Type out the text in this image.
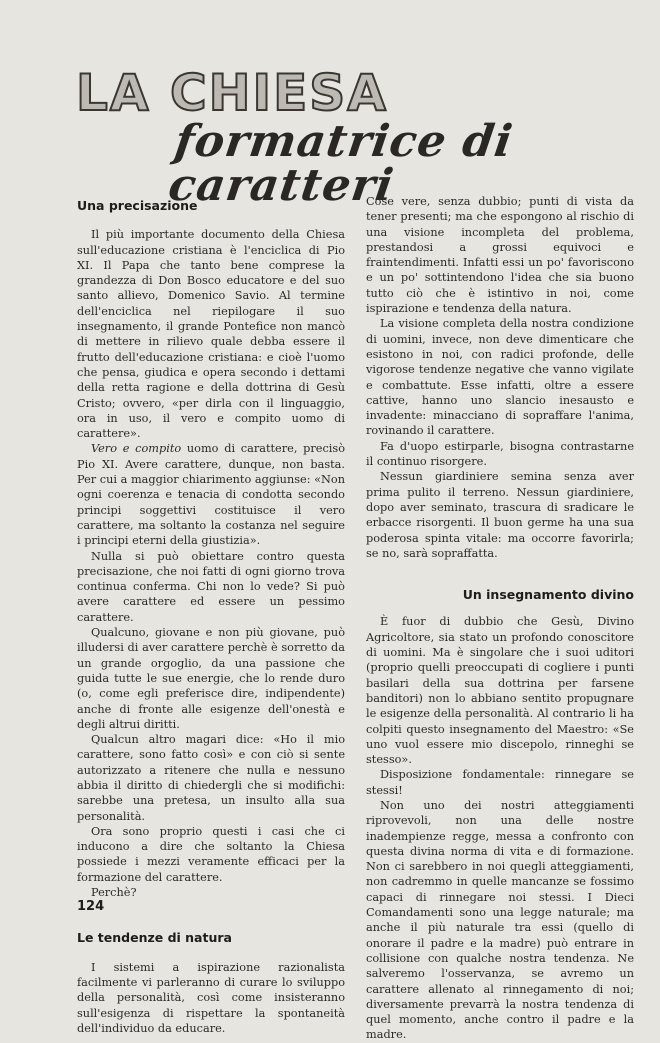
LA CHIESA
formatrice di caratteri
Una precisazione

Il più importante documento della Chiesa sull'educazione cristiana è l'enciclica di Pio XI. Il Papa che tanto bene comprese la grandezza di Don Bosco educatore e del suo santo allievo, Domenico Savio. Al termine dell'enciclica nel riepilogare il suo insegnamento, il grande Pontefice non mancò di mettere in rilievo quale debba essere il frutto dell'educazione cristiana: e cioè l'uomo che pensa, giudica e opera secondo i dettami della retta ragione e della dottrina di Gesù Cristo; ovvero, «per dirla con il linguaggio, ora in uso, il vero e compito uomo di carattere».

Vero e compito uomo di carattere, precisò Pio XI. Avere carattere, dunque, non basta. Per cui a maggior chiarimento aggiunse: «Non ogni coerenza e tenacia di condotta secondo principi soggettivi costituisce il vero carattere, ma soltanto la costanza nel seguire i principi eterni della giustizia».

Nulla si può obiettare contro questa precisazione, che noi fatti di ogni giorno trova continua conferma. Chi non lo vede? Si può avere carattere ed essere un pessimo carattere.

Qualcuno, giovane e non più giovane, può illudersi di aver carattere perchè è sorretto da un grande orgoglio, da una passione che guida tutte le sue energie, che lo rende duro (o, come egli preferisce dire, indipendente) anche di fronte alle esigenze dell'onestà e degli altrui diritti.

Qualcun altro magari dice: «Ho il mio carattere, sono fatto così» e con ciò si sente autorizzato a ritenere che nulla e nessuno abbia il diritto di chiedergli che si modifichi: sarebbe una pretesa, un insulto alla sua personalità.

Ora sono proprio questi i casi che ci inducono a dire che soltanto la Chiesa possiede i mezzi veramente efficaci per la formazione del carattere.

Perchè?

Le tendenze di natura

I sistemi a ispirazione razionalista facilmente vi parleranno di curare lo sviluppo della personalità, così come insisteranno sull'esigenza di rispettare la spontaneità dell'individuo da educare.

Cose vere, senza dubbio; punti di vista da tener presenti; ma che espongono al rischio di una visione incompleta del problema, prestandosi a grossi equivoci e fraintendimenti. Infatti essi un po' favoriscono e un po' sottintendono l'idea che sia buono tutto ciò che è istintivo in noi, come ispirazione e tendenza della natura.

La visione completa della nostra condizione di uomini, invece, non deve dimenticare che esistono in noi, con radici profonde, delle vigorose tendenze negative che vanno vigilate e combattute. Esse infatti, oltre a essere cattive, hanno uno slancio inesausto e invadente: minacciano di sopraffare l'anima, rovinando il carattere.

Fa d'uopo estirparle, bisogna contrastarne il continuo risorgere.

Nessun giardiniere semina senza aver prima pulito il terreno. Nessun giardiniere, dopo aver seminato, trascura di sradicare le erbacce risorgenti. Il buon germe ha una sua poderosa spinta vitale: ma occorre favorirla; se no, sarà sopraffatta.

Un insegnamento divino

È fuor di dubbio che Gesù, Divino Agricoltore, sia stato un profondo conoscitore di uomini. Ma è singolare che i suoi uditori (proprio quelli preoccupati di cogliere i punti basilari della sua dottrina per farsene banditori) non lo abbiano sentito propugnare le esigenze della personalità. Al contrario li ha colpiti questo insegnamento del Maestro: «Se uno vuol essere mio discepolo, rinneghi se stesso».

Disposizione fondamentale: rinnegare se stessi!

Non uno dei nostri atteggiamenti riprovevoli, non una delle nostre inadempienze regge, messa a confronto con questa divina norma di vita e di formazione. Non ci sarebbero in noi quegli atteggiamenti, non cadremmo in quelle mancanze se fossimo capaci di rinnegare noi stessi. I Dieci Comandamenti sono una legge naturale; ma anche il più naturale tra essi (quello di onorare il padre e la madre) può entrare in collisione con qualche nostra tendenza. Ne salveremo l'osservanza, se avremo un carattere allenato al rinnegamento di noi; diversamente prevarrà la nostra tendenza di quel momento, anche contro il padre e la madre.

124
